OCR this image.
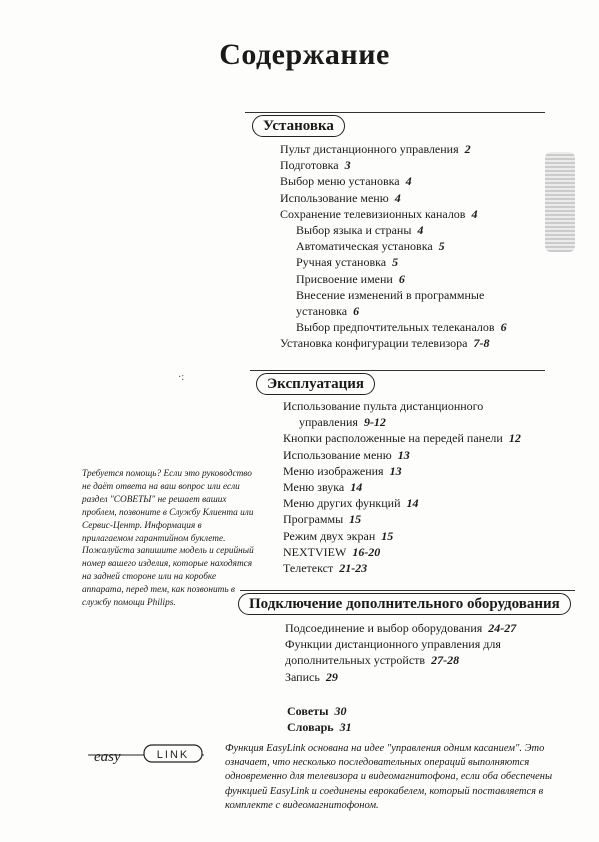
Содержание
Установка
Пульт дистанционного управления 2
Подготовка 3
Выбор меню установка 4
Использование меню 4
Сохранение телевизионных каналов 4
Выбор языка и страны 4
Автоматическая установка 5
Ручная установка 5
Присвоение имени 6
Внесение изменений в программные
установка 6
Выбор предпочтительных телеканалов 6
Установка конфигурации телевизора 7-8
Эксплуатация
Использование пульта дистанционного
управления 9-12
Кнопки расположенные на передей панели 12
Использование меню 13
Меню изображения 13
Меню звука 14
Меню других функций 14
Программы 15
Режим двух экран 15
NEXTVIEW 16-20
Телетекст 21-23
Подключение дополнительного оборудования
Подсоединение и выбор оборудования 24-27
Функции дистанционного управления для
дополнительных устройств 27-28
Запись 29
Советы 30
Словарь 31
Требуется помощь? Если это руководство не даёт ответа на ваш вопрос или если раздел "СОВЕТЫ" не решает ваших проблем, позвоните в Службу Клиента или Сервис-Центр. Информация в прилагаемом гарантийном буклете. Пожалуйста запишите модель и серийный номер вашего изделия, которые находятся на задней стороне или на коробке аппарата, перед тем, как позвонить в службу помощи Philips.
easy	LINK
Функция EasyLink основана на идее "управления одним касанием". Это означает, что несколько последовательных операций выполняются одновременно для телевизора и видеомагнитофона, если оба обеспечены функцией EasyLink и соединены еврокабелем, который поставляется в комплекте с видеомагнитофоном.
·:
